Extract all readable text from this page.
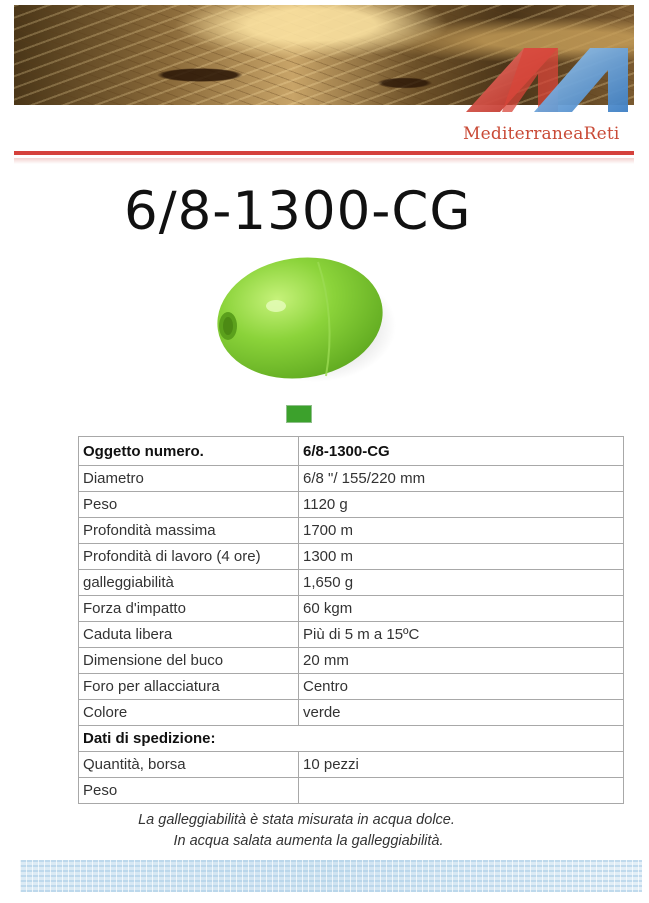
MediterraneaReti
6/8-1300-CG
Oggetto numero.	6/8-1300-CG
Diametro	6/8 "/ 155/220 mm
Peso	1120 g
Profondità massima	1700 m
Profondità di lavoro (4 ore)	1300 m
galleggiabilità	1,650 g
Forza d'impatto	60 kgm
Caduta libera	Più di 5 m a 15ºC
Dimensione del buco	20 mm
Foro per allacciatura	Centro
Colore	verde
Dati di spedizione:	
Quantità, borsa	10 pezzi
Peso	
La galleggiabilità è stata misurata in acqua dolce.
In acqua salata aumenta la galleggiabilità.
